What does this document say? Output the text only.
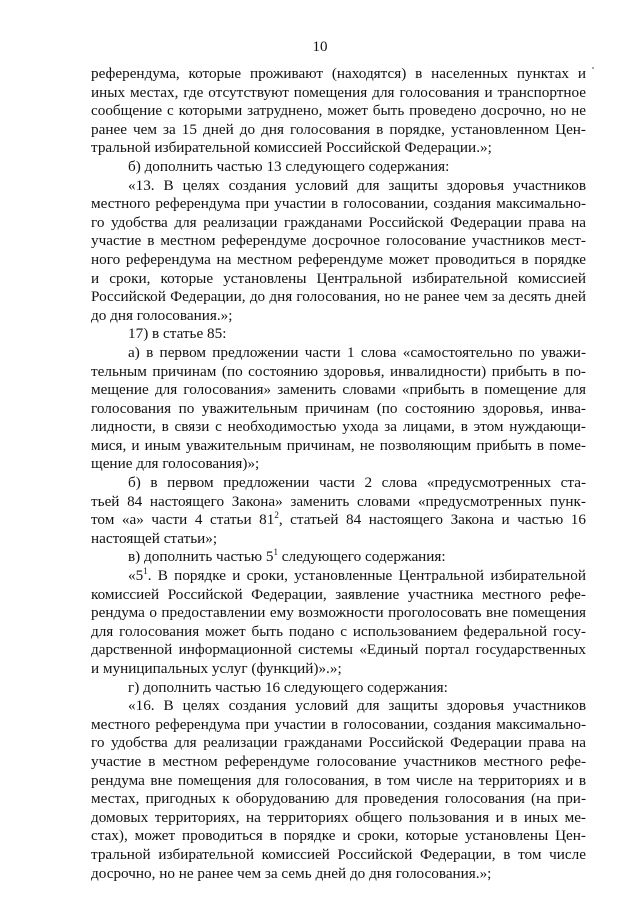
10
референдума, которые проживают (находятся) в населенных пунктах и
иных местах, где отсутствуют помещения для голосования и транспортное
сообщение с которыми затруднено, может быть проведено досрочно, но не
ранее чем за 15 дней до дня голосования в порядке, установленном Цен-
тральной избирательной комиссией Российской Федерации.»;
б) дополнить частью 13 следующего содержания:
«13. В целях создания условий для защиты здоровья участников
местного референдума при участии в голосовании, создания максимально-
го удобства для реализации гражданами Российской Федерации права на
участие в местном референдуме досрочное голосование участников мест-
ного референдума на местном референдуме может проводиться в порядке
и сроки, которые установлены Центральной избирательной комиссией
Российской Федерации, до дня голосования, но не ранее чем за десять дней
до дня голосования.»;
17) в статье 85:
а) в первом предложении части 1 слова «самостоятельно по уважи-
тельным причинам (по состоянию здоровья, инвалидности) прибыть в по-
мещение для голосования» заменить словами «прибыть в помещение для
голосования по уважительным причинам (по состоянию здоровья, инва-
лидности, в связи с необходимостью ухода за лицами, в этом нуждающи-
мися, и иным уважительным причинам, не позволяющим прибыть в поме-
щение для голосования)»;
б) в первом предложении части 2 слова «предусмотренных ста-
тьей 84 настоящего Закона» заменить словами «предусмотренных пунк-
том «а» части 4 статьи $81^2$, статьей 84 настоящего Закона и частью 16
настоящей статьи»;
в) дополнить частью $5^1$ следующего содержания:
«$5^1$. В порядке и сроки, установленные Центральной избирательной
комиссией Российской Федерации, заявление участника местного рефе-
рендума о предоставлении ему возможности проголосовать вне помещения
для голосования может быть подано с использованием федеральной госу-
дарственной информационной системы «Единый портал государственных
и муниципальных услуг (функций)».»;
г) дополнить частью 16 следующего содержания:
«16. В целях создания условий для защиты здоровья участников
местного референдума при участии в голосовании, создания максимально-
го удобства для реализации гражданами Российской Федерации права на
участие в местном референдуме голосование участников местного рефе-
рендума вне помещения для голосования, в том числе на территориях и в
местах, пригодных к оборудованию для проведения голосования (на при-
домовых территориях, на территориях общего пользования и в иных ме-
стах), может проводиться в порядке и сроки, которые установлены Цен-
тральной избирательной комиссией Российской Федерации, в том числе
досрочно, но не ранее чем за семь дней до дня голосования.»;
